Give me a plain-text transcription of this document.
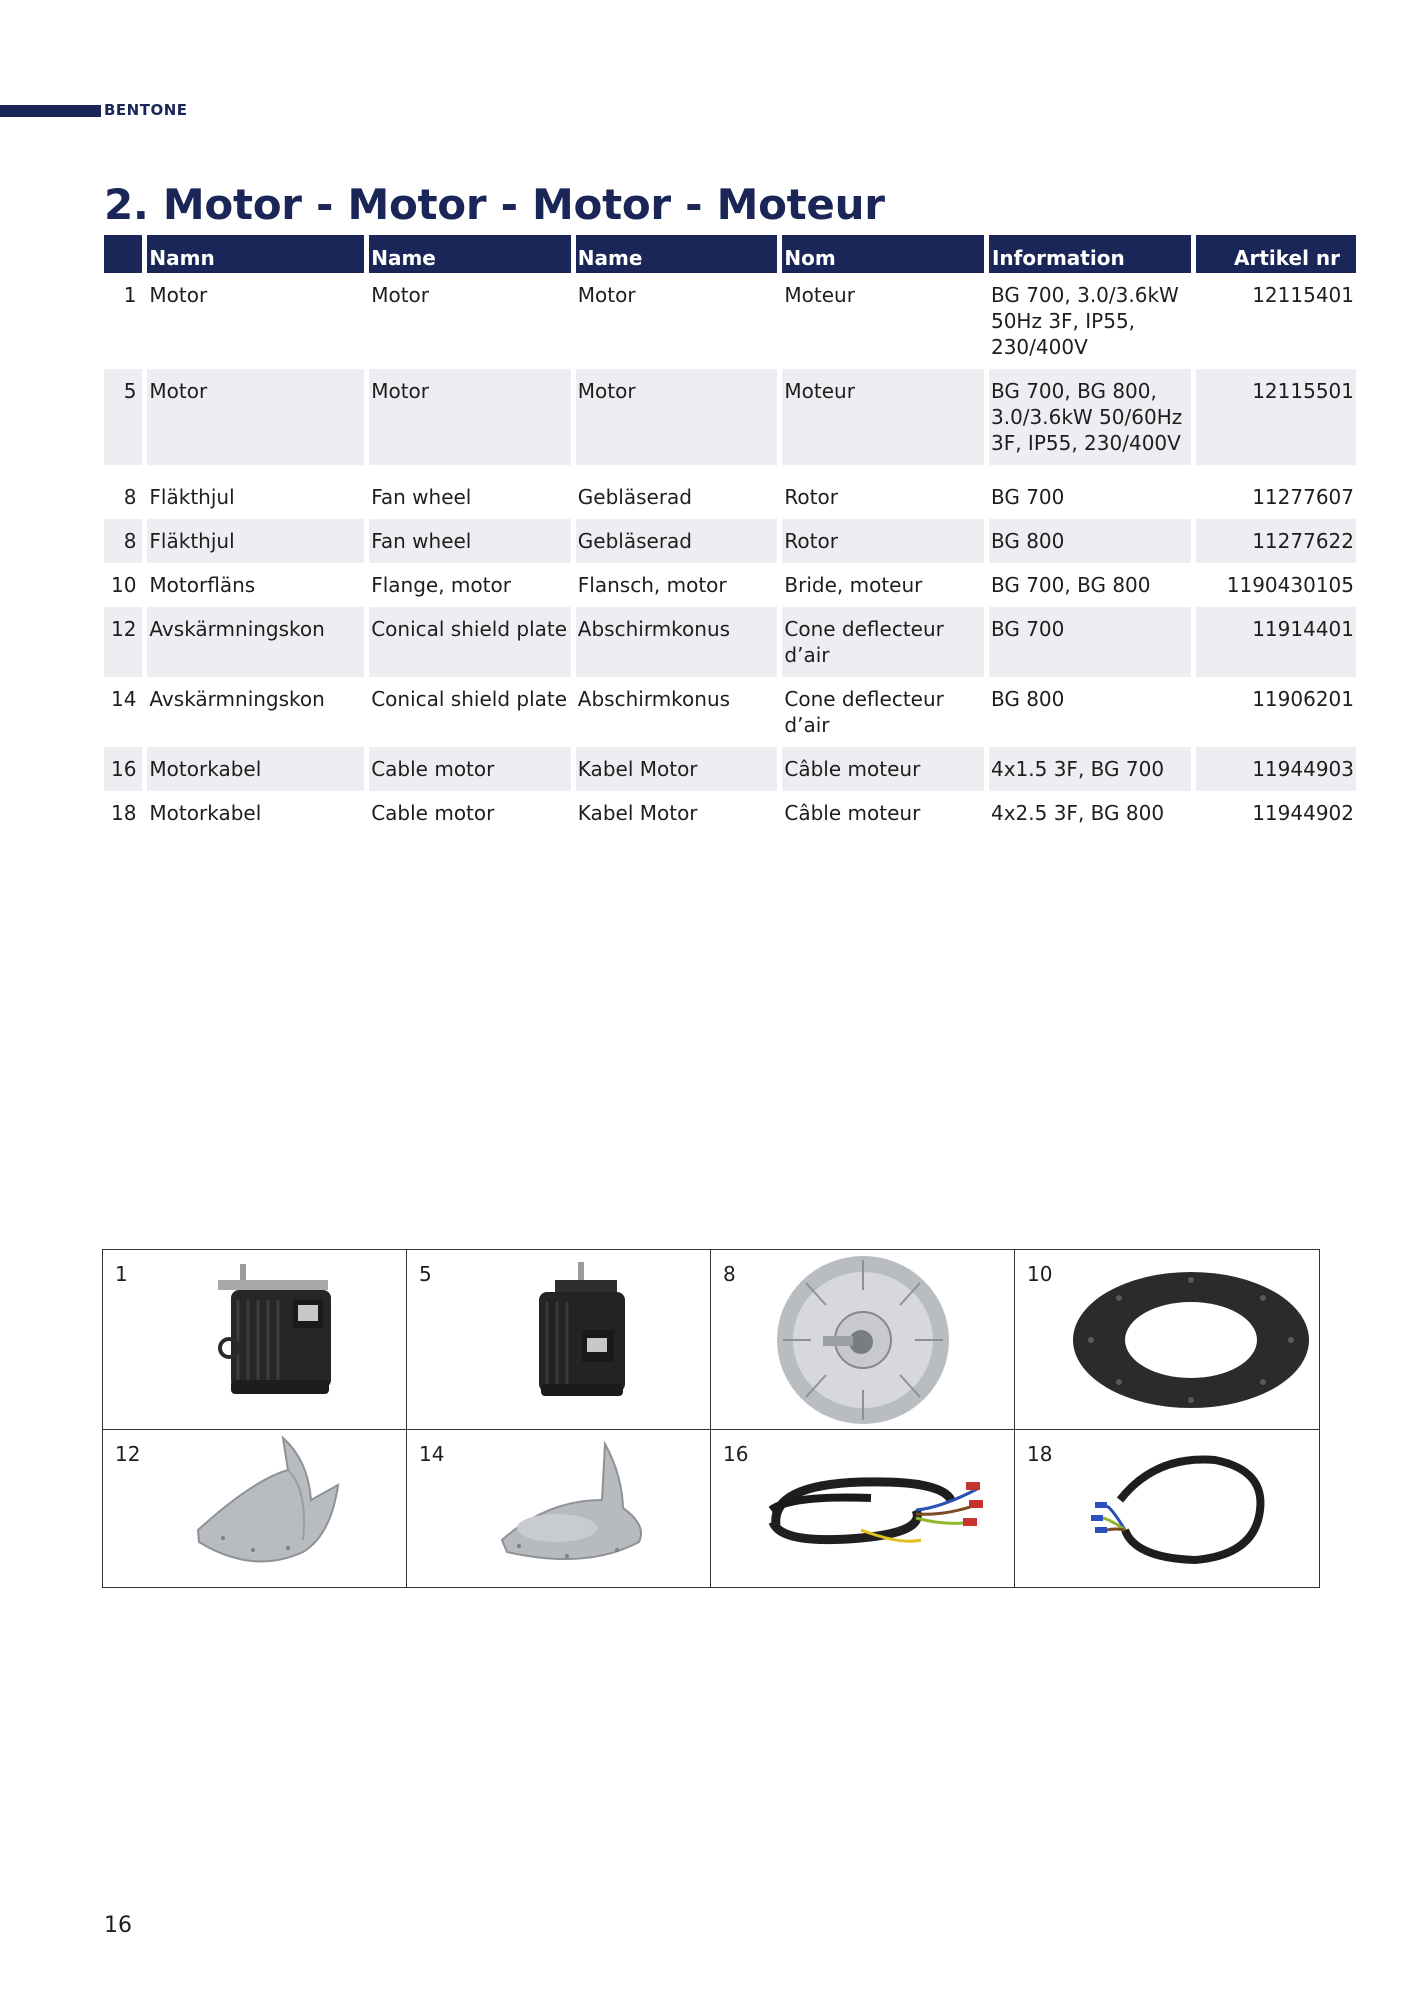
BENTONE
2. Motor - Motor - Motor - Moteur
	Namn	Name	Name	Nom	Information	Artikel nr
1	Motor	Motor	Motor	Moteur	BG 700, 3.0/3.6kW 50Hz 3F, IP55, 230/400V	12115401
5	Motor	Motor	Motor	Moteur	BG 700, BG 800, 3.0/3.6kW 50/60Hz 3F, IP55, 230/400V	12115501

8	Fläkthjul	Fan wheel	Gebläserad	Rotor	BG 700	11277607
8	Fläkthjul	Fan wheel	Gebläserad	Rotor	BG 800	11277622
10	Motorfläns	Flange, motor	Flansch, motor	Bride, moteur	BG 700, BG 800	1190430105
12	Avskärmningskon	Conical shield plate	Abschirmkonus	Cone deflecteur d’air	BG 700	11914401
14	Avskärmningskon	Conical shield plate	Abschirmkonus	Cone deflecteur d’air	BG 800	11906201
16	Motorkabel	Cable motor	Kabel Motor	Câble moteur	4x1.5 3F, BG 700	11944903
18	Motorkabel	Cable motor	Kabel Motor	Câble moteur	4x2.5 3F, BG 800	11944902
1	5	8	10
12	14	16	18
16
